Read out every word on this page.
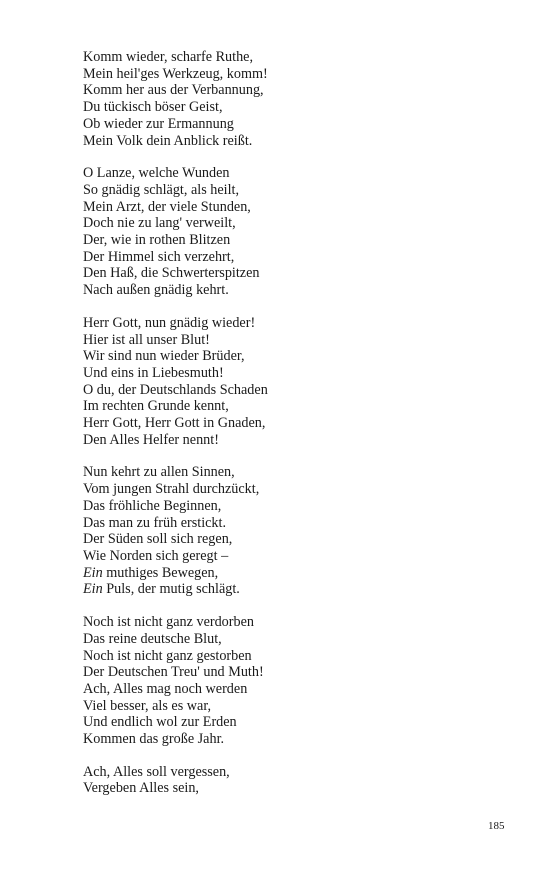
Komm wieder, scharfe Ruthe,
Mein heil'ges Werkzeug, komm!
Komm her aus der Verbannung,
Du tückisch böser Geist,
Ob wieder zur Ermannung
Mein Volk dein Anblick reißt.
O Lanze, welche Wunden
So gnädig schlägt, als heilt,
Mein Arzt, der viele Stunden,
Doch nie zu lang' verweilt,
Der, wie in rothen Blitzen
Der Himmel sich verzehrt,
Den Haß, die Schwerterspitzen
Nach außen gnädig kehrt.
Herr Gott, nun gnädig wieder!
Hier ist all unser Blut!
Wir sind nun wieder Brüder,
Und eins in Liebesmuth!
O du, der Deutschlands Schaden
Im rechten Grunde kennt,
Herr Gott, Herr Gott in Gnaden,
Den Alles Helfer nennt!
Nun kehrt zu allen Sinnen,
Vom jungen Strahl durchzückt,
Das fröhliche Beginnen,
Das man zu früh erstickt.
Der Süden soll sich regen,
Wie Norden sich geregt –
Ein muthiges Bewegen,
Ein Puls, der mutig schlägt.
Noch ist nicht ganz verdorben
Das reine deutsche Blut,
Noch ist nicht ganz gestorben
Der Deutschen Treu' und Muth!
Ach, Alles mag noch werden
Viel besser, als es war,
Und endlich wol zur Erden
Kommen das große Jahr.
Ach, Alles soll vergessen,
Vergeben Alles sein,
185
